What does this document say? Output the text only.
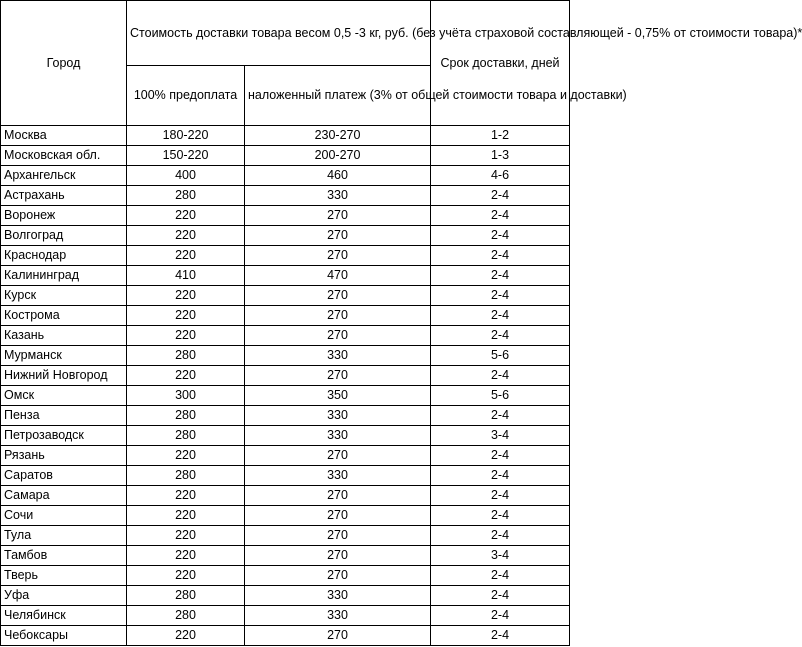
Город	Стоимость доставки товара весом 0,5 -3 кг, руб. (без учёта страховой составляющей - 0,75% от стоимости товара)*		Срок доставки, дней
	100% предоплата	наложенный платеж (3% от общей стоимости товара и доставки)	
Москва	180-220	230-270	1-2
Московская обл.	150-220	200-270	1-3
Архангельск	400	460	4-6
Астрахань	280	330	2-4
Воронеж	220	270	2-4
Волгоград	220	270	2-4
Краснодар	220	270	2-4
Калининград	410	470	2-4
Курск	220	270	2-4
Кострома	220	270	2-4
Казань	220	270	2-4
Мурманск	280	330	5-6
Нижний Новгород	220	270	2-4
Омск	300	350	5-6
Пенза	280	330	2-4
Петрозаводск	280	330	3-4
Рязань	220	270	2-4
Саратов	280	330	2-4
Самара	220	270	2-4
Сочи	220	270	2-4
Тула	220	270	2-4
Тамбов	220	270	3-4
Тверь	220	270	2-4
Уфа	280	330	2-4
Челябинск	280	330	2-4
Чебоксары	220	270	2-4
